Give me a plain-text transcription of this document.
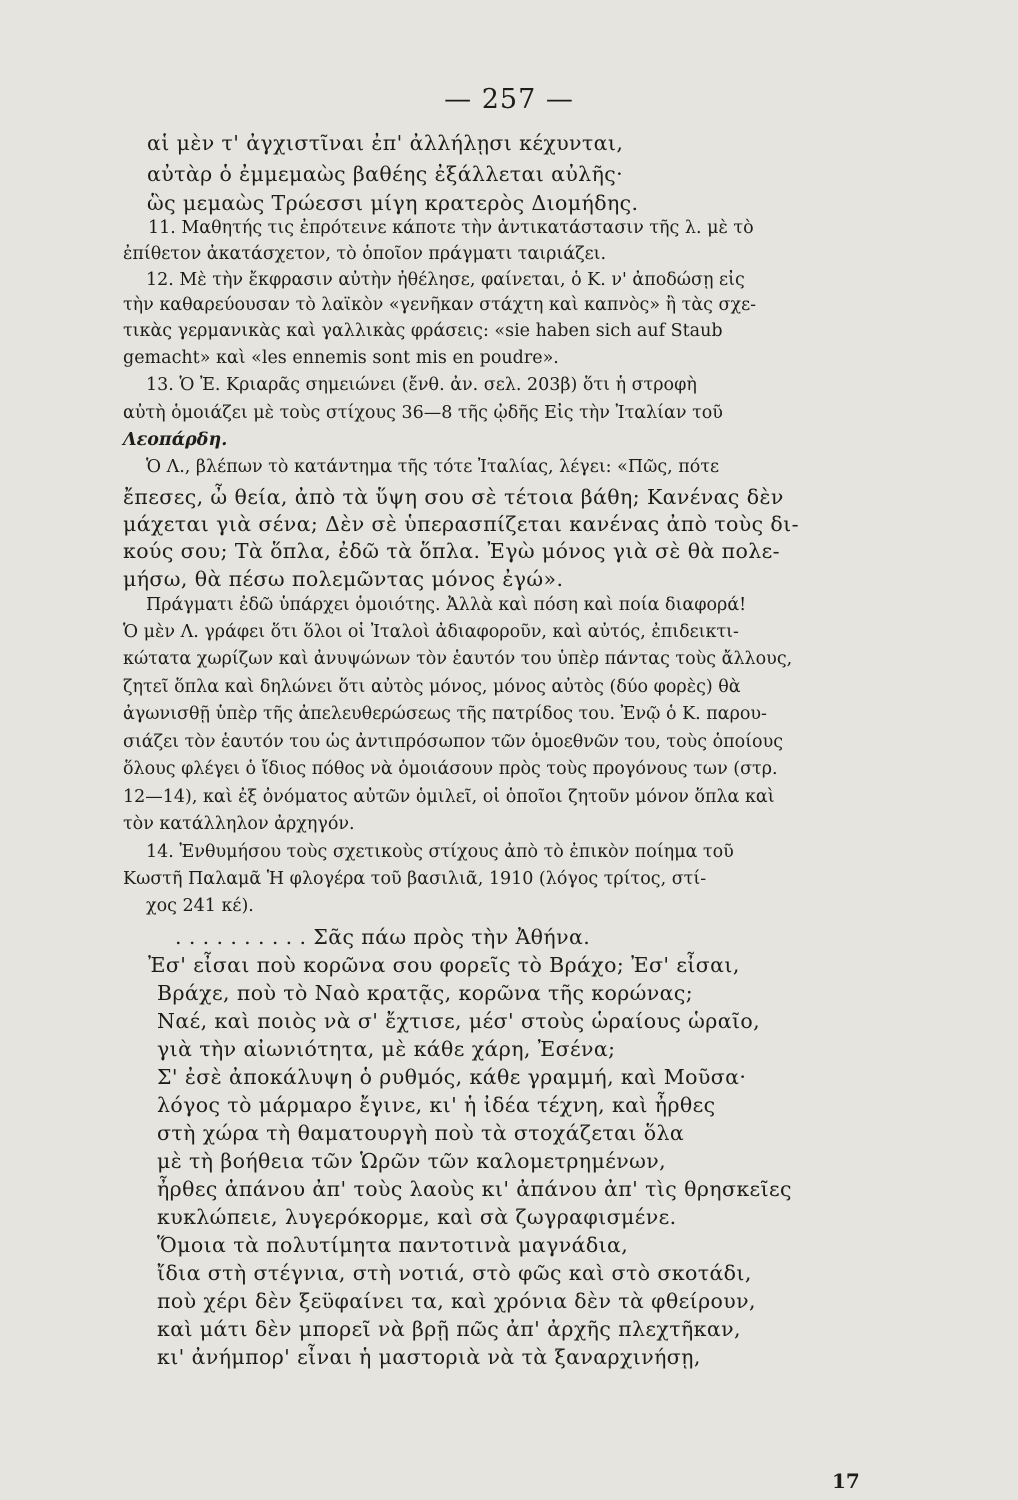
— 257 —
αἱ μὲν τ' ἀγχιστῖναι ἐπ' ἀλλήλῃσι κέχυνται,
αὐτὰρ ὁ ἐμμεμαὼς βαθέης ἐξάλλεται αὐλῆς·
ὣς μεμαὼς Τρώεσσι μίγη κρατερὸς Διομήδης.
11. Μαθητής τις ἐπρότεινε κάποτε τὴν ἀντικατάστασιν τῆς λ. μὲ τὸ
ἐπίθετον ἀκατάσχετον, τὸ ὁποῖον πράγματι ταιριάζει.
12. Μὲ τὴν ἔκφρασιν αὐτὴν ἠθέλησε, φαίνεται, ὁ Κ. ν' ἀποδώσῃ εἰς
τὴν καθαρεύουσαν τὸ λαϊκὸν «γενῆκαν στάχτη καὶ καπνὸς» ἢ τὰς σχε-
τικὰς γερμανικὰς καὶ γαλλικὰς φράσεις: «sie haben sich auf Staub
gemacht» καὶ «les ennemis sont mis en poudre».
13. Ὁ Ἐ. Κριαρᾶς σημειώνει (ἔνθ. ἀν. σελ. 203β) ὅτι ἡ στροφὴ
αὐτὴ ὁμοιάζει μὲ τοὺς στίχους 36—8 τῆς ᾠδῆς Εἰς τὴν Ἰταλίαν τοῦ
Λεοπάρδη.
Ὁ Λ., βλέπων τὸ κατάντημα τῆς τότε Ἰταλίας, λέγει: «Πῶς, πότε
ἔπεσες, ὦ θεία, ἀπὸ τὰ ὕψη σου σὲ τέτοια βάθη; Κανένας δὲν
μάχεται γιὰ σένα; Δὲν σὲ ὑπερασπίζεται κανένας ἀπὸ τοὺς δι-
κούς σου; Τὰ ὅπλα, ἐδῶ τὰ ὅπλα. Ἐγὼ μόνος γιὰ σὲ θὰ πολε-
μήσω, θὰ πέσω πολεμῶντας μόνος ἐγώ».
Πράγματι ἐδῶ ὑπάρχει ὁμοιότης. Ἀλλὰ καὶ πόση καὶ ποία διαφορά!
Ὁ μὲν Λ. γράφει ὅτι ὅλοι οἱ Ἰταλοὶ ἀδιαφοροῦν, καὶ αὐτός, ἐπιδεικτι-
κώτατα χωρίζων καὶ ἀνυψώνων τὸν ἑαυτόν του ὑπὲρ πάντας τοὺς ἄλλους,
ζητεῖ ὅπλα καὶ δηλώνει ὅτι αὐτὸς μόνος, μόνος αὐτὸς (δύο φορὲς) θὰ
ἀγωνισθῇ ὑπὲρ τῆς ἀπελευθερώσεως τῆς πατρίδος του. Ἐνῷ ὁ Κ. παρου-
σιάζει τὸν ἑαυτόν του ὡς ἀντιπρόσωπον τῶν ὁμοεθνῶν του, τοὺς ὁποίους
ὅλους φλέγει ὁ ἴδιος πόθος νὰ ὁμοιάσουν πρὸς τοὺς προγόνους των (στρ.
12—14), καὶ ἐξ ὀνόματος αὐτῶν ὁμιλεῖ, οἱ ὁποῖοι ζητοῦν μόνον ὅπλα καὶ
τὸν κατάλληλον ἀρχηγόν.
14. Ἐνθυμήσου τοὺς σχετικοὺς στίχους ἀπὸ τὸ ἐπικὸν ποίημα τοῦ
Κωστῆ Παλαμᾶ Ἡ φλογέρα τοῦ βασιλιᾶ, 1910 (λόγος τρίτος, στί-
χος 241 κέ).
. . . . . . . . . . Σᾶς πάω πρὸς τὴν Ἀθήνα.
Ἐσ' εἶσαι ποὺ κορῶνα σου φορεῖς τὸ Βράχο; Ἐσ' εἶσαι,
Βράχε, ποὺ τὸ Ναὸ κρατᾷς, κορῶνα τῆς κορώνας;
Ναέ, καὶ ποιὸς νὰ σ' ἔχτισε, μέσ' στοὺς ὡραίους ὡραῖο,
γιὰ τὴν αἰωνιότητα, μὲ κάθε χάρη, Ἐσένα;
Σ' ἐσὲ ἀποκάλυψη ὁ ρυθμός, κάθε γραμμή, καὶ Μοῦσα·
λόγος τὸ μάρμαρο ἔγινε, κι' ἡ ἰδέα τέχνη, καὶ ἦρθες
στὴ χώρα τὴ θαματουργὴ ποὺ τὰ στοχάζεται ὅλα
μὲ τὴ βοήθεια τῶν Ὡρῶν τῶν καλομετρημένων,
ἦρθες ἀπάνου ἀπ' τοὺς λαοὺς κι' ἀπάνου ἀπ' τὶς θρησκεῖες
κυκλώπειε, λυγερόκορμε, καὶ σὰ ζωγραφισμένε.
Ὅμοια τὰ πολυτίμητα παντοτινὰ μαγνάδια,
ἴδια στὴ στέγνια, στὴ νοτιά, στὸ φῶς καὶ στὸ σκοτάδι,
ποὺ χέρι δὲν ξεϋφαίνει τα, καὶ χρόνια δὲν τὰ φθείρουν,
καὶ μάτι δὲν μπορεῖ νὰ βρῇ πῶς ἀπ' ἀρχῆς πλεχτῆκαν,
κι' ἀνήμπορ' εἶναι ἡ μαστοριὰ νὰ τὰ ξαναρχινήσῃ,
17
